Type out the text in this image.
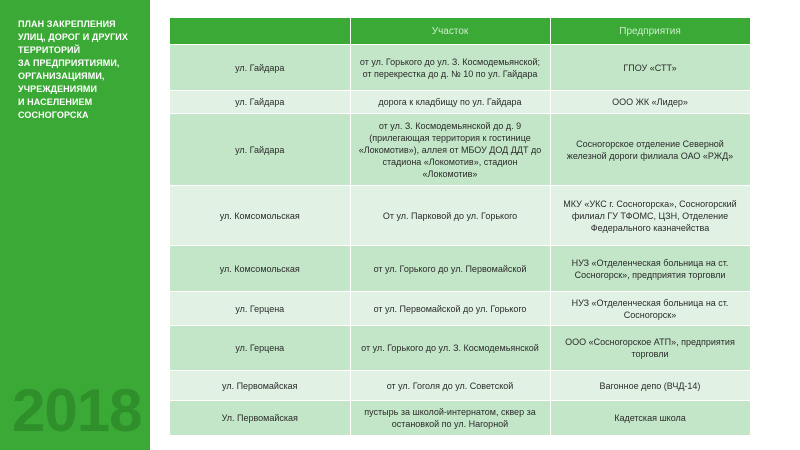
ПЛАН ЗАКРЕПЛЕНИЯ
УЛИЦ, ДОРОГ И ДРУГИХ
ТЕРРИТОРИЙ
ЗА ПРЕДПРИЯТИЯМИ,
ОРГАНИЗАЦИЯМИ,
УЧРЕЖДЕНИЯМИ
И НАСЕЛЕНИЕМ
СОСНОГОРСКА
2018
	Участок	Предприятия
ул. Гайдара	от ул. Горького до ул. З. Космодемьянской; от перекрестка до д. № 10 по ул. Гайдара	ГПОУ «СТТ»
ул. Гайдара	дорога к кладбищу по ул. Гайдара	ООО ЖК «Лидер»
ул. Гайдара	от ул. З. Космодемьянской до д. 9 (прилегающая территория к гостинице «Локомотив»), аллея от МБОУ ДОД ДДТ до стадиона «Локомотив», стадион «Локомотив»	Сосногорское отделение Северной железной дороги филиала ОАО «РЖД»
ул. Комсомольская	От ул. Парковой до ул. Горького	МКУ «УКС г. Сосногорска», Сосногорский филиал ГУ ТФОМС, ЦЗН, Отделение Федерального казначейства
ул. Комсомольская	от ул. Горького до ул. Первомайской	НУЗ «Отделенческая больница на ст. Сосногорск», предприятия торговли
ул. Герцена	от ул. Первомайской до ул. Горького	НУЗ «Отделенческая больница на ст. Сосногорск»
ул. Герцена	от ул. Горького до ул. З. Космодемьянской	ООО «Сосногорское АТП», предприятия торговли
ул. Первомайская	от ул. Гоголя до ул. Советской	Вагонное депо (ВЧД-14)
Ул. Первомайская	пустырь за школой-интернатом, сквер за остановкой по ул. Нагорной	Кадетская школа
